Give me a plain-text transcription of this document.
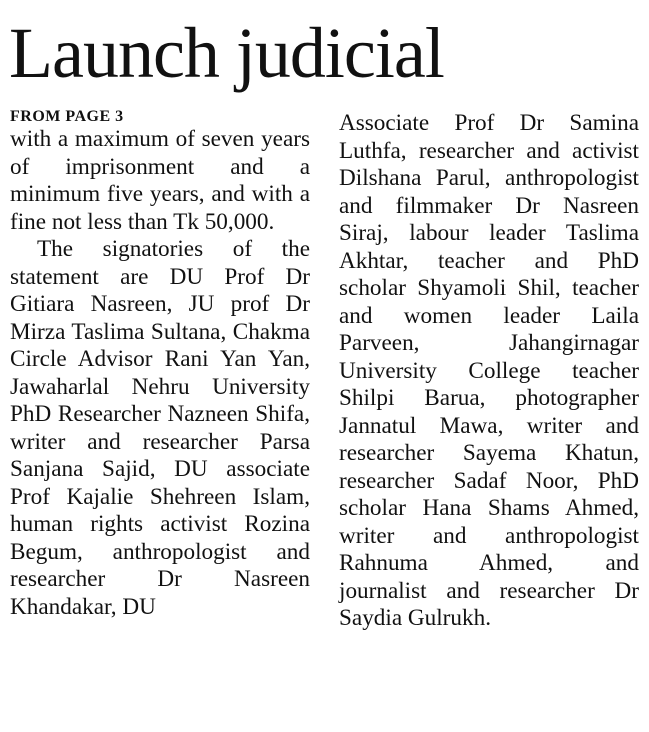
Launch judicial
FROM PAGE 3

with a maximum of seven years of imprisonment and a minimum five years, and with a fine not less than Tk 50,000.

The signatories of the statement are DU Prof Dr Gitiara Nasreen, JU prof Dr Mirza Taslima Sultana, Chakma Circle Advisor Rani Yan Yan, Jawaharlal Nehru University PhD Researcher Nazneen Shifa, writer and researcher Parsa Sanjana Sajid, DU associate Prof Kajalie Shehreen Islam, human rights activist Rozina Begum, anthropologist and researcher Dr Nasreen Khandakar, DU

Associate Prof Dr Samina Luthfa, researcher and activist Dilshana Parul, anthropologist and filmmaker Dr Nasreen Siraj, labour leader Taslima Akhtar, teacher and PhD scholar Shyamoli Shil, teacher and women leader Laila Parveen, Jahangirnagar University College teacher Shilpi Barua, photographer Jannatul Mawa, writer and researcher Sayema Khatun, researcher Sadaf Noor, PhD scholar Hana Shams Ahmed, writer and anthropologist Rahnuma Ahmed, and journalist and researcher Dr Saydia Gulrukh.
